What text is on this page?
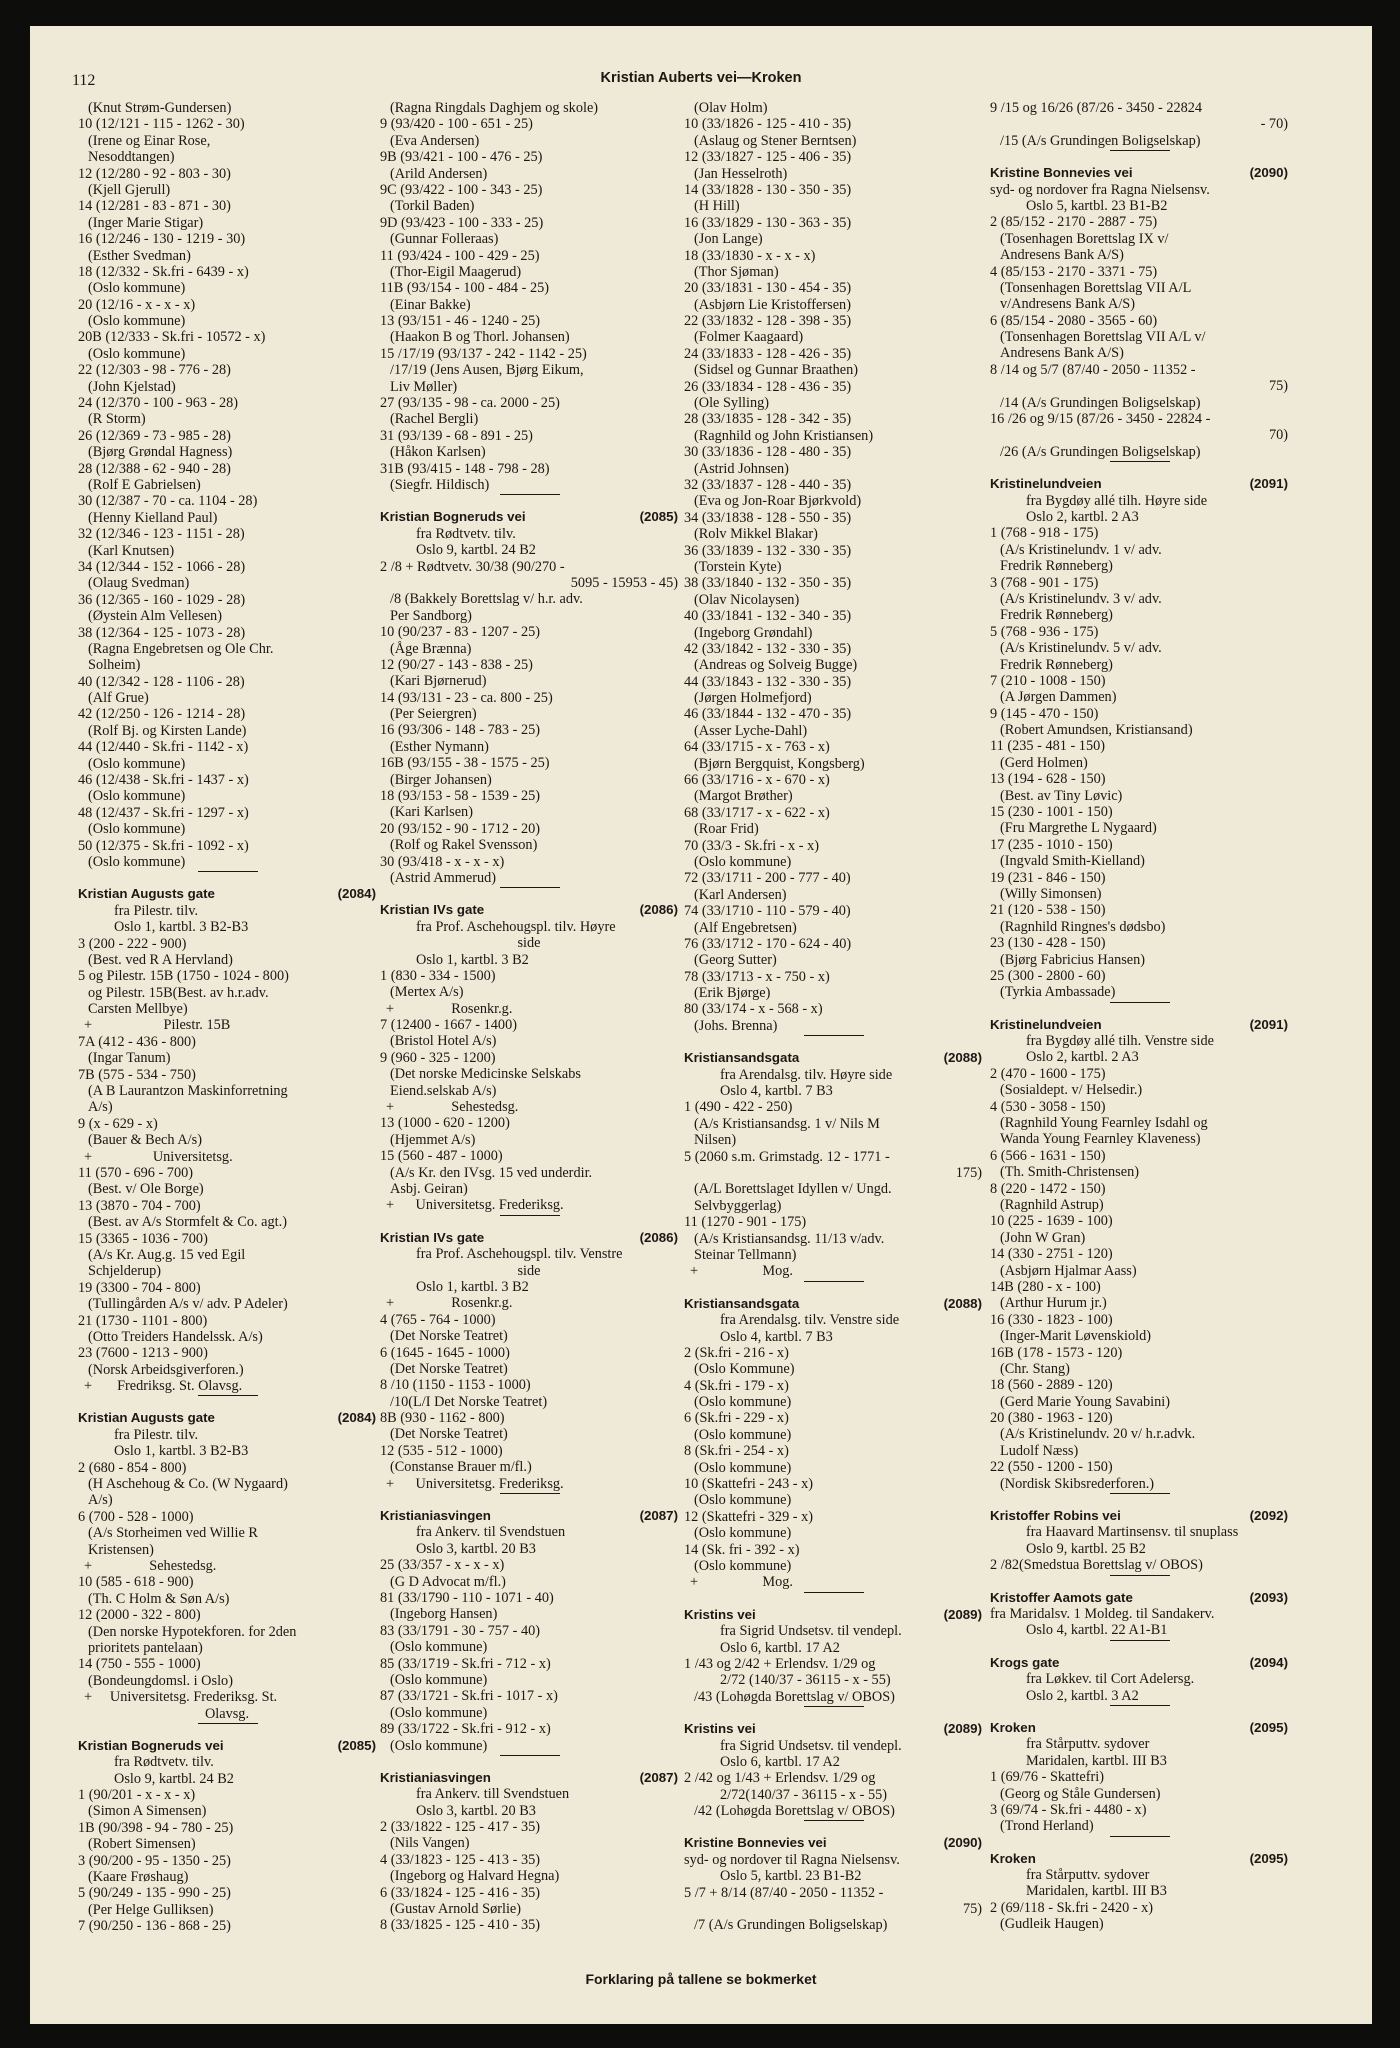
112	Kristian Auberts vei—Kroken
(Knut Strøm-Gundersen)
10 (12/121 - 115 - 1262 - 30)
(Irene og Einar Rose,
Nesoddtangen)
12 (12/280 - 92 - 803 - 30)
(Kjell Gjerull)
14 (12/281 - 83 - 871 - 30)
(Inger Marie Stigar)
16 (12/246 - 130 - 1219 - 30)
(Esther Svedman)
18 (12/332 - Sk.fri - 6439 - x)
(Oslo kommune)
20 (12/16 - x - x - x)
(Oslo kommune)
20B (12/333 - Sk.fri - 10572 - x)
(Oslo kommune)
22 (12/303 - 98 - 776 - 28)
(John Kjelstad)
24 (12/370 - 100 - 963 - 28)
(R Storm)
26 (12/369 - 73 - 985 - 28)
(Bjørg Grøndal Hagness)
28 (12/388 - 62 - 940 - 28)
(Rolf E Gabrielsen)
30 (12/387 - 70 - ca. 1104 - 28)
(Henny Kielland Paul)
32 (12/346 - 123 - 1151 - 28)
(Karl Knutsen)
34 (12/344 - 152 - 1066 - 28)
(Olaug Svedman)
36 (12/365 - 160 - 1029 - 28)
(Øystein Alm Vellesen)
38 (12/364 - 125 - 1073 - 28)
(Ragna Engebretsen og Ole Chr.
Solheim)
40 (12/342 - 128 - 1106 - 28)
(Alf Grue)
42 (12/250 - 126 - 1214 - 28)
(Rolf Bj. og Kirsten Lande)
44 (12/440 - Sk.fri - 1142 - x)
(Oslo kommune)
46 (12/438 - Sk.fri - 1437 - x)
(Oslo kommune)
48 (12/437 - Sk.fri - 1297 - x)
(Oslo kommune)
50 (12/375 - Sk.fri - 1092 - x)
(Oslo kommune)
Kristian Augusts gate	(2084)
fra Pilestr. tilv.
Oslo 1, kartbl. 3 B2-B3
3 (200 - 222 - 900)
(Best. ved R A Hervland)
5 og Pilestr. 15B (1750 - 1024 - 800)
og Pilestr. 15B(Best. av h.r.adv.
Carsten Mellbye)
+                    Pilestr. 15B
7A (412 - 436 - 800)
(Ingar Tanum)
7B (575 - 534 - 750)
(A B Laurantzon Maskinforretning
A/s)
9 (x - 629 - x)
(Bauer & Bech A/s)
+                 Universitetsg.
11 (570 - 696 - 700)
(Best. v/ Ole Borge)
13 (3870 - 704 - 700)
(Best. av A/s Stormfelt & Co. agt.)
15 (3365 - 1036 - 700)
(A/s Kr. Aug.g. 15 ved Egil
Schjelderup)
19 (3300 - 704 - 800)
(Tullingården A/s v/ adv. P Adeler)
21 (1730 - 1101 - 800)
(Otto Treiders Handelssk. A/s)
23 (7600 - 1213 - 900)
(Norsk Arbeidsgiverforen.)
+       Fredriksg. St. Olavsg.
Kristian Augusts gate	(2084)
fra Pilestr. tilv.
Oslo 1, kartbl. 3 B2-B3
2 (680 - 854 - 800)
(H Aschehoug & Co. (W Nygaard)
A/s)
6 (700 - 528 - 1000)
(A/s Storheimen ved Willie R
Kristensen)
+                Sehestedsg.
10 (585 - 618 - 900)
(Th. C Holm & Søn A/s)
12 (2000 - 322 - 800)
(Den norske Hypotekforen. for 2den
prioritets pantelaan)
14 (750 - 555 - 1000)
(Bondeungdomsl. i Oslo)
+     Universitetsg. Frederiksg. St.
Olavsg.
Kristian Bogneruds vei	(2085)
fra Rødtvetv. tilv.
Oslo 9, kartbl. 24 B2
1 (90/201 - x - x - x)
(Simon A Simensen)
1B (90/398 - 94 - 780 - 25)
(Robert Simensen)
3 (90/200 - 95 - 1350 - 25)
(Kaare Frøshaug)
5 (90/249 - 135 - 990 - 25)
(Per Helge Gulliksen)
7 (90/250 - 136 - 868 - 25)
(Ragna Ringdals Daghjem og skole)
9 (93/420 - 100 - 651 - 25)
(Eva Andersen)
9B (93/421 - 100 - 476 - 25)
(Arild Andersen)
9C (93/422 - 100 - 343 - 25)
(Torkil Baden)
9D (93/423 - 100 - 333 - 25)
(Gunnar Folleraas)
11 (93/424 - 100 - 429 - 25)
(Thor-Eigil Maagerud)
11B (93/154 - 100 - 484 - 25)
(Einar Bakke)
13 (93/151 - 46 - 1240 - 25)
(Haakon B og Thorl. Johansen)
15 /17/19 (93/137 - 242 - 1142 - 25)
/17/19 (Jens Ausen, Bjørg Eikum,
Liv Møller)
27 (93/135 - 98 - ca. 2000 - 25)
(Rachel Bergli)
31 (93/139 - 68 - 891 - 25)
(Håkon Karlsen)
31B (93/415 - 148 - 798 - 28)
(Siegfr. Hildisch)
Kristian Bogneruds vei	(2085)
fra Rødtvetv. tilv.
Oslo 9, kartbl. 24 B2
2 /8 + Rødtvetv. 30/38 (90/270 -
5095 - 15953 - 45)
/8 (Bakkely Borettslag v/ h.r. adv.
Per Sandborg)
10 (90/237 - 83 - 1207 - 25)
(Åge Brænna)
12 (90/27 - 143 - 838 - 25)
(Kari Bjørnerud)
14 (93/131 - 23 - ca. 800 - 25)
(Per Seiergren)
16 (93/306 - 148 - 783 - 25)
(Esther Nymann)
16B (93/155 - 38 - 1575 - 25)
(Birger Johansen)
18 (93/153 - 58 - 1539 - 25)
(Kari Karlsen)
20 (93/152 - 90 - 1712 - 20)
(Rolf og Rakel Svensson)
30 (93/418 - x - x - x)
(Astrid Ammerud)
Kristian IVs gate	(2086)
fra Prof. Aschehougspl. tilv. Høyre
side
Oslo 1, kartbl. 3 B2
1 (830 - 334 - 1500)
(Mertex A/s)
+                Rosenkr.g.
7 (12400 - 1667 - 1400)
(Bristol Hotel A/s)
9 (960 - 325 - 1200)
(Det norske Medicinske Selskabs
Eiend.selskab A/s)
+                Sehestedsg.
13 (1000 - 620 - 1200)
(Hjemmet A/s)
15 (560 - 487 - 1000)
(A/s Kr. den IVsg. 15 ved underdir.
Asbj. Geiran)
+      Universitetsg. Frederiksg.
Kristian IVs gate	(2086)
fra Prof. Aschehougspl. tilv. Venstre
side
Oslo 1, kartbl. 3 B2
+                Rosenkr.g.
4 (765 - 764 - 1000)
(Det Norske Teatret)
6 (1645 - 1645 - 1000)
(Det Norske Teatret)
8 /10 (1150 - 1153 - 1000)
/10(L/I Det Norske Teatret)
8B (930 - 1162 - 800)
(Det Norske Teatret)
12 (535 - 512 - 1000)
(Constanse Brauer m/fl.)
+      Universitetsg. Frederiksg.
Kristianiasvingen	(2087)
fra Ankerv. til Svendstuen
Oslo 3, kartbl. 20 B3
25 (33/357 - x - x - x)
(G D Advocat m/fl.)
81 (33/1790 - 110 - 1071 - 40)
(Ingeborg Hansen)
83 (33/1791 - 30 - 757 - 40)
(Oslo kommune)
85 (33/1719 - Sk.fri - 712 - x)
(Oslo kommune)
87 (33/1721 - Sk.fri - 1017 - x)
(Oslo kommune)
89 (33/1722 - Sk.fri - 912 - x)
(Oslo kommune)
Kristianiasvingen	(2087)
fra Ankerv. till Svendstuen
Oslo 3, kartbl. 20 B3
2 (33/1822 - 125 - 417 - 35)
(Nils Vangen)
4 (33/1823 - 125 - 413 - 35)
(Ingeborg og Halvard Hegna)
6 (33/1824 - 125 - 416 - 35)
(Gustav Arnold Sørlie)
8 (33/1825 - 125 - 410 - 35)
(Olav Holm)
10 (33/1826 - 125 - 410 - 35)
(Aslaug og Stener Berntsen)
12 (33/1827 - 125 - 406 - 35)
(Jan Hesselroth)
14 (33/1828 - 130 - 350 - 35)
(H Hill)
16 (33/1829 - 130 - 363 - 35)
(Jon Lange)
18 (33/1830 - x - x - x)
(Thor Sjøman)
20 (33/1831 - 130 - 454 - 35)
(Asbjørn Lie Kristoffersen)
22 (33/1832 - 128 - 398 - 35)
(Folmer Kaagaard)
24 (33/1833 - 128 - 426 - 35)
(Sidsel og Gunnar Braathen)
26 (33/1834 - 128 - 436 - 35)
(Ole Sylling)
28 (33/1835 - 128 - 342 - 35)
(Ragnhild og John Kristiansen)
30 (33/1836 - 128 - 480 - 35)
(Astrid Johnsen)
32 (33/1837 - 128 - 440 - 35)
(Eva og Jon-Roar Bjørkvold)
34 (33/1838 - 128 - 550 - 35)
(Rolv Mikkel Blakar)
36 (33/1839 - 132 - 330 - 35)
(Torstein Kyte)
38 (33/1840 - 132 - 350 - 35)
(Olav Nicolaysen)
40 (33/1841 - 132 - 340 - 35)
(Ingeborg Grøndahl)
42 (33/1842 - 132 - 330 - 35)
(Andreas og Solveig Bugge)
44 (33/1843 - 132 - 330 - 35)
(Jørgen Holmefjord)
46 (33/1844 - 132 - 470 - 35)
(Asser Lyche-Dahl)
64 (33/1715 - x - 763 - x)
(Bjørn Bergquist, Kongsberg)
66 (33/1716 - x - 670 - x)
(Margot Brøther)
68 (33/1717 - x - 622 - x)
(Roar Frid)
70 (33/3 - Sk.fri - x - x)
(Oslo kommune)
72 (33/1711 - 200 - 777 - 40)
(Karl Andersen)
74 (33/1710 - 110 - 579 - 40)
(Alf Engebretsen)
76 (33/1712 - 170 - 624 - 40)
(Georg Sutter)
78 (33/1713 - x - 750 - x)
(Erik Bjørge)
80 (33/174 - x - 568 - x)
(Johs. Brenna)
Kristiansandsgata	(2088)
fra Arendalsg. tilv. Høyre side
Oslo 4, kartbl. 7 B3
1 (490 - 422 - 250)
(A/s Kristiansandsg. 1 v/ Nils M
Nilsen)
5 (2060 s.m. Grimstadg. 12 - 1771 -
175)
(A/L Borettslaget Idyllen v/ Ungd.
Selvbyggerlag)
11 (1270 - 901 - 175)
(A/s Kristiansandsg. 11/13 v/adv.
Steinar Tellmann)
+                  Mog.
Kristiansandsgata	(2088)
fra Arendalsg. tilv. Venstre side
Oslo 4, kartbl. 7 B3
2 (Sk.fri - 216 - x)
(Oslo Kommune)
4 (Sk.fri - 179 - x)
(Oslo kommune)
6 (Sk.fri - 229 - x)
(Oslo kommune)
8 (Sk.fri - 254 - x)
(Oslo kommune)
10 (Skattefri - 243 - x)
(Oslo kommune)
12 (Skattefri - 329 - x)
(Oslo kommune)
14 (Sk. fri - 392 - x)
(Oslo kommune)
+                  Mog.
Kristins vei	(2089)
fra Sigrid Undsetsv. til vendepl.
Oslo 6, kartbl. 17 A2
1 /43 og 2/42 + Erlendsv. 1/29 og
2/72 (140/37 - 36115 - x - 55)
/43 (Lohøgda Borettslag v/ OBOS)
Kristins vei	(2089)
fra Sigrid Undsetsv. til vendepl.
Oslo 6, kartbl. 17 A2
2 /42 og 1/43 + Erlendsv. 1/29 og
2/72(140/37 - 36115 - x - 55)
/42 (Lohøgda Borettslag v/ OBOS)
Kristine Bonnevies vei	(2090)
syd- og nordover til Ragna Nielsensv.
Oslo 5, kartbl. 23 B1-B2
5 /7 + 8/14 (87/40 - 2050 - 11352 -
75)
/7 (A/s Grundingen Boligselskap)
9 /15 og 16/26 (87/26 - 3450 - 22824
- 70)
/15 (A/s Grundingen Boligselskap)
Kristine Bonnevies vei	(2090)
syd- og nordover fra Ragna Nielsensv.
Oslo 5, kartbl. 23 B1-B2
2 (85/152 - 2170 - 2887 - 75)
(Tosenhagen Borettslag IX v/
Andresens Bank A/S)
4 (85/153 - 2170 - 3371 - 75)
(Tonsenhagen Borettslag VII A/L
v/Andresens Bank A/S)
6 (85/154 - 2080 - 3565 - 60)
(Tonsenhagen Borettslag VII A/L v/
Andresens Bank A/S)
8 /14 og 5/7 (87/40 - 2050 - 11352 -
75)
/14 (A/s Grundingen Boligselskap)
16 /26 og 9/15 (87/26 - 3450 - 22824 -
70)
/26 (A/s Grundingen Boligselskap)
Kristinelundveien	(2091)
fra Bygdøy allé tilh. Høyre side
Oslo 2, kartbl. 2 A3
1 (768 - 918 - 175)
(A/s Kristinelundv. 1 v/ adv.
Fredrik Rønneberg)
3 (768 - 901 - 175)
(A/s Kristinelundv. 3 v/ adv.
Fredrik Rønneberg)
5 (768 - 936 - 175)
(A/s Kristinelundv. 5 v/ adv.
Fredrik Rønneberg)
7 (210 - 1008 - 150)
(A Jørgen Dammen)
9 (145 - 470 - 150)
(Robert Amundsen, Kristiansand)
11 (235 - 481 - 150)
(Gerd Holmen)
13 (194 - 628 - 150)
(Best. av Tiny Løvic)
15 (230 - 1001 - 150)
(Fru Margrethe L Nygaard)
17 (235 - 1010 - 150)
(Ingvald Smith-Kielland)
19 (231 - 846 - 150)
(Willy Simonsen)
21 (120 - 538 - 150)
(Ragnhild Ringnes's dødsbo)
23 (130 - 428 - 150)
(Bjørg Fabricius Hansen)
25 (300 - 2800 - 60)
(Tyrkia Ambassade)
Kristinelundveien	(2091)
fra Bygdøy allé tilh. Venstre side
Oslo 2, kartbl. 2 A3
2 (470 - 1600 - 175)
(Sosialdept. v/ Helsedir.)
4 (530 - 3058 - 150)
(Ragnhild Young Fearnley Isdahl og
Wanda Young Fearnley Klaveness)
6 (566 - 1631 - 150)
(Th. Smith-Christensen)
8 (220 - 1472 - 150)
(Ragnhild Astrup)
10 (225 - 1639 - 100)
(John W Gran)
14 (330 - 2751 - 120)
(Asbjørn Hjalmar Aass)
14B (280 - x - 100)
(Arthur Hurum jr.)
16 (330 - 1823 - 100)
(Inger-Marit Løvenskiold)
16B (178 - 1573 - 120)
(Chr. Stang)
18 (560 - 2889 - 120)
(Gerd Marie Young Savabini)
20 (380 - 1963 - 120)
(A/s Kristinelundv. 20 v/ h.r.advk.
Ludolf Næss)
22 (550 - 1200 - 150)
(Nordisk Skibsrederforen.)
Kristoffer Robins vei	(2092)
fra Haavard Martinsensv. til snuplass
Oslo 9, kartbl. 25 B2
2 /82(Smedstua Borettslag v/ OBOS)
Kristoffer Aamots gate	(2093)
fra Maridalsv. 1 Moldeg. til Sandakerv.
Oslo 4, kartbl. 22 A1-B1
Krogs gate	(2094)
fra Løkkev. til Cort Adelersg.
Oslo 2, kartbl. 3 A2
Kroken	(2095)
fra Stårputtv. sydover
Maridalen, kartbl. III B3
1 (69/76 - Skattefri)
(Georg og Ståle Gundersen)
3 (69/74 - Sk.fri - 4480 - x)
(Trond Herland)
Kroken	(2095)
fra Stårputtv. sydover
Maridalen, kartbl. III B3
2 (69/118 - Sk.fri - 2420 - x)
(Gudleik Haugen)
Forklaring på tallene se bokmerket
